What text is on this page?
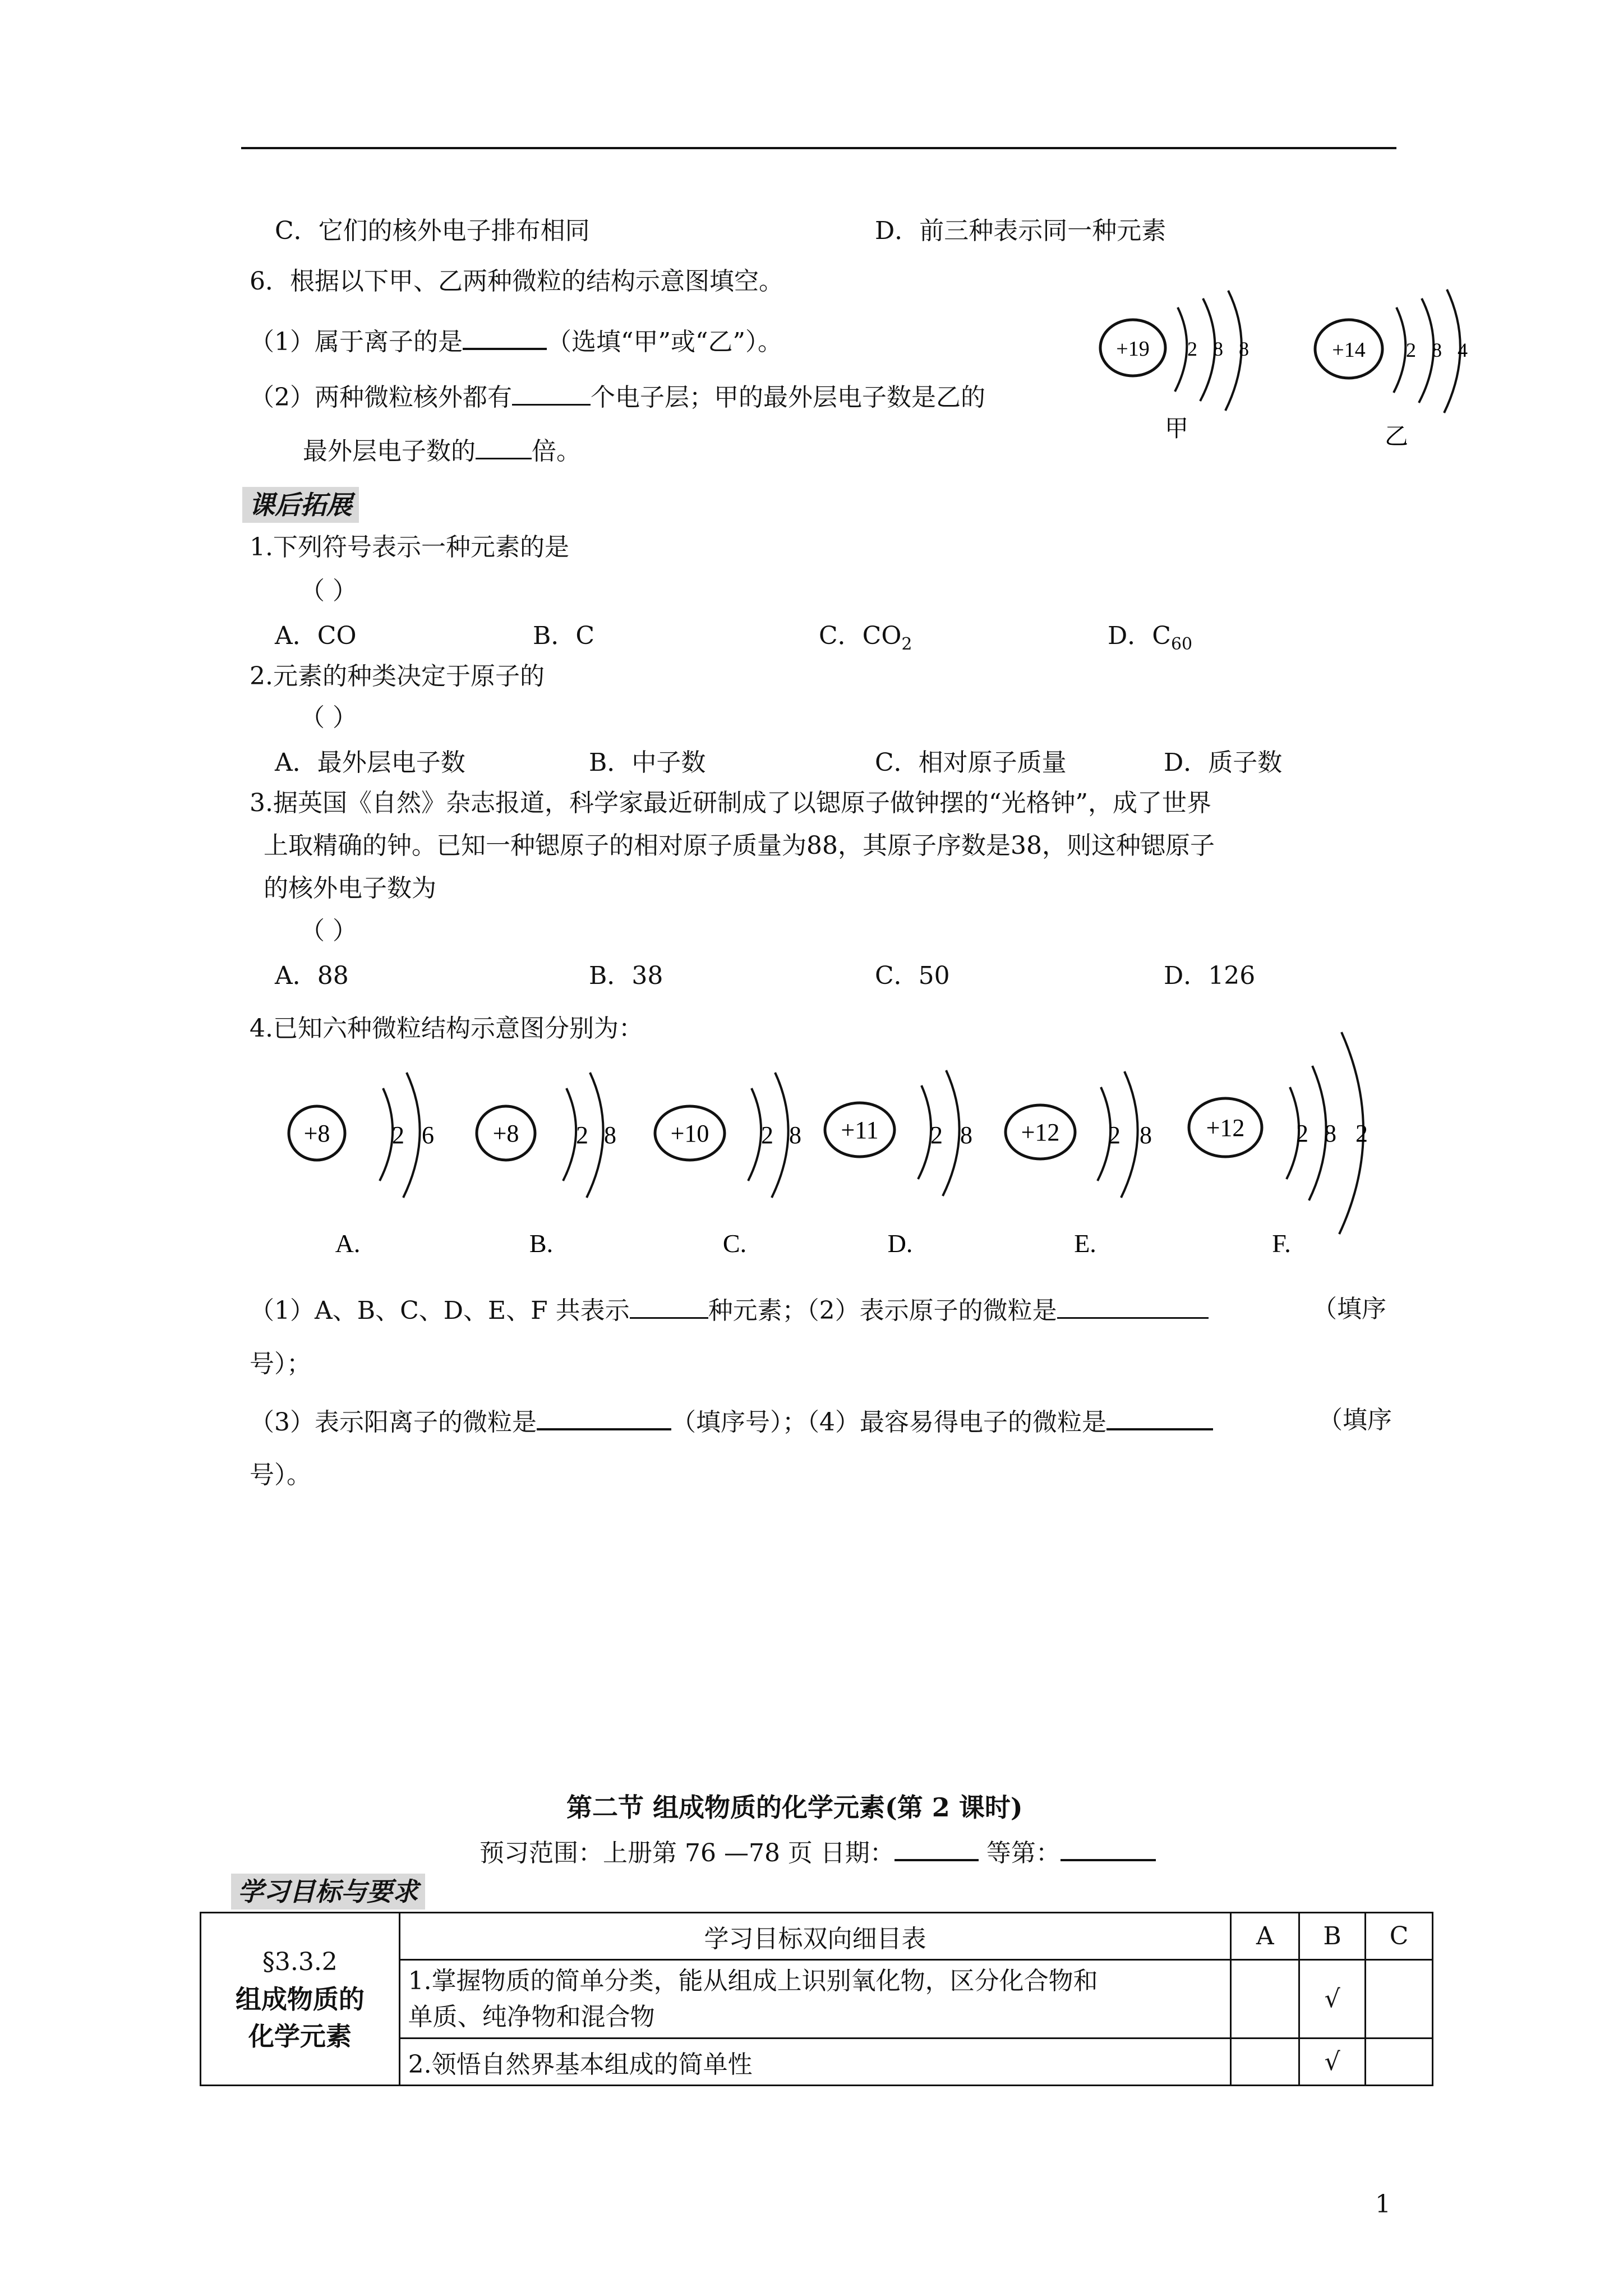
C．它们的核外电子排布相同	D．前三种表示同一种元素
6．根据以下甲、乙两种微粒的结构示意图填空。
（1）属于离子的是	（选填“甲”或“乙”）。
（2）两种微粒核外都有	个电子层；甲的最外层电子数是乙的
最外层电子数的 倍。
+19 2 8 8
甲
+14 2 8 4
乙
课后拓展
1.下列符号表示一种元素的是
（ ）
A．CO	B．C	C．$CO_2$	D．$C_{60}$
2.元素的种类决定于原子的
（ ）
A．最外层电子数	B．中子数	C．相对原子质量	D．质子数
3.据英国《自然》杂志报道，科学家最近研制成了以锶原子做钟摆的“光格钟”，成了世界
上取精确的钟。已知一种锶原子的相对原子质量为88，其原子序数是38，则这种锶原子
的核外电子数为
（ ）
A．88	B．38	C．50	D．126
4.已知六种微粒结构示意图分别为：
+8	2 6
A.
+8 2 8
B.
+10 2 8
C.
+11 2 8
D.
+12 2 8
E.
+12 2 8 2
F.
（1）A、B、C、D、E、F 共表示	种元素；（2）表示原子的微粒是	（填序
号）；
（3）表示阳离子的微粒是	（填序号）；（4）最容易得电子的微粒是	（填序
号）。
第二节 组成物质的化学元素(第 2 课时)
预习范围：上册第 76 —78 页 日期：	等第：
学习目标与要求
§3.3.2
组成物质的
化学元素	学习目标双向细目表	A	B	C

	1.掌握物质的简单分类，能从组成上识别氧化物，区分化合物和
单质、纯净物和混合物		√	
	2.领悟自然界基本组成的简单性		√	
1
